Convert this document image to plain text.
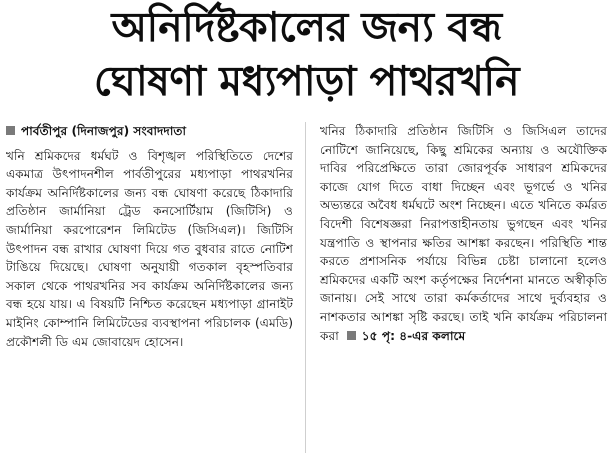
অনির্দিষ্টকালের জন্য বন্ধ
ঘোষণা মধ্যপাড়া পাথরখনি

পার্বতীপুর (দিনাজপুর) সংবাদদাতা

খনি শ্রমিকদের ধর্মঘট ও বিশৃঙ্খল পরিস্থিতিতে দেশের একমাত্র উৎপাদনশীল পার্বতীপুরের মধ্যপাড়া পাথরখনির কার্যক্রম অনির্দিষ্টকালের জন্য বন্ধ ঘোষণা করেছে ঠিকাদারি প্রতিষ্ঠান জার্মানিয়া ট্রেড কনসোর্টিয়াম (জিটিসি) ও জার্মানিয়া করপোরেশন লিমিটেড (জিসিএল)। জিটিসি উৎপাদন বন্ধ রাখার ঘোষণা দিয়ে গত বুধবার রাতে নোটিশ টাঙিয়ে দিয়েছে। ঘোষণা অনুযায়ী গতকাল বৃহস্পতিবার সকাল থেকে পাথরখনির সব কার্যক্রম অনির্দিষ্টকালের জন্য বন্ধ হয়ে যায়। এ বিষয়টি নিশ্চিত করেছেন মধ্যপাড়া গ্রানাইট মাইনিং কোম্পানি লিমিটেডের ব্যবস্থাপনা পরিচালক (এমডি) প্রকৌশলী ডি এম জোবায়েদ হোসেন।

খনির ঠিকাদারি প্রতিষ্ঠান জিটিসি ও জিসিএল তাদের নোটিশে জানিয়েছে, কিছু শ্রমিকের অন্যায় ও অযৌক্তিক দাবির পরিপ্রেক্ষিতে তারা জোরপূর্বক সাধারণ শ্রমিকদের কাজে যোগ দিতে বাধা দিচ্ছেন এবং ভূগর্ভে ও খনির অভ্যন্তরে অবৈধ ধর্মঘটে অংশ নিচ্ছেন। এতে খনিতে কর্মরত বিদেশী বিশেষজ্ঞরা নিরাপত্তাহীনতায় ভুগছেন এবং খনির যন্ত্রপাতি ও স্থাপনার ক্ষতির আশঙ্কা করছেন। পরিস্থিতি শান্ত করতে প্রশাসনিক পর্যায়ে বিভিন্ন চেষ্টা চালানো হলেও শ্রমিকদের একটি অংশ কর্তৃপক্ষের নির্দেশনা মানতে অস্বীকৃতি জানায়। সেই সাথে তারা কর্মকর্তাদের সাথে দুর্ব্যবহার ও নাশকতার আশঙ্কা সৃষ্টি করছে। তাই খনি কার্যক্রম পরিচালনা করা ১৫ পৃ: ৪-এর কলামে
